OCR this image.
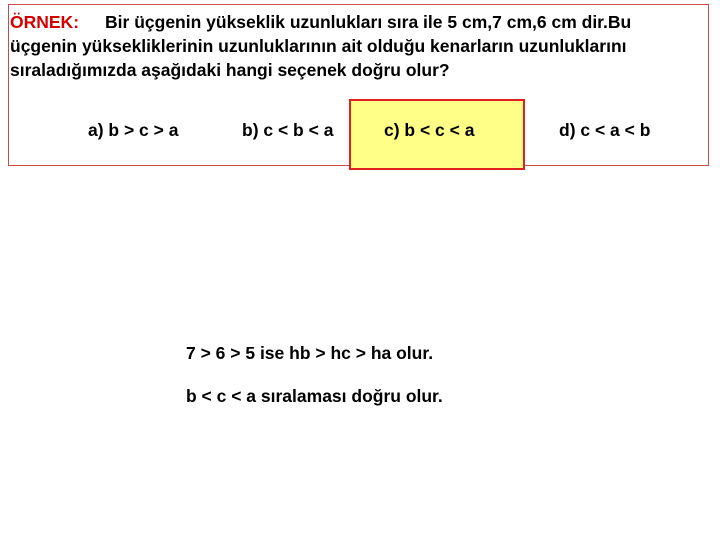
ÖRNEK: Bir üçgenin yükseklik uzunlukları sıra ile 5 cm,7 cm,6 cm dir.Bu üçgenin yüksekliklerinin uzunluklarının ait olduğu kenarların uzunluklarını sıraladığımızda aşağıdaki hangi seçenek doğru olur?

a) b > c > a	b) c < b < a	c) b < c < a	d) c < a < b
7 > 6 > 5 ise hb > hc > ha olur.
b < c < a sıralaması doğru olur.
